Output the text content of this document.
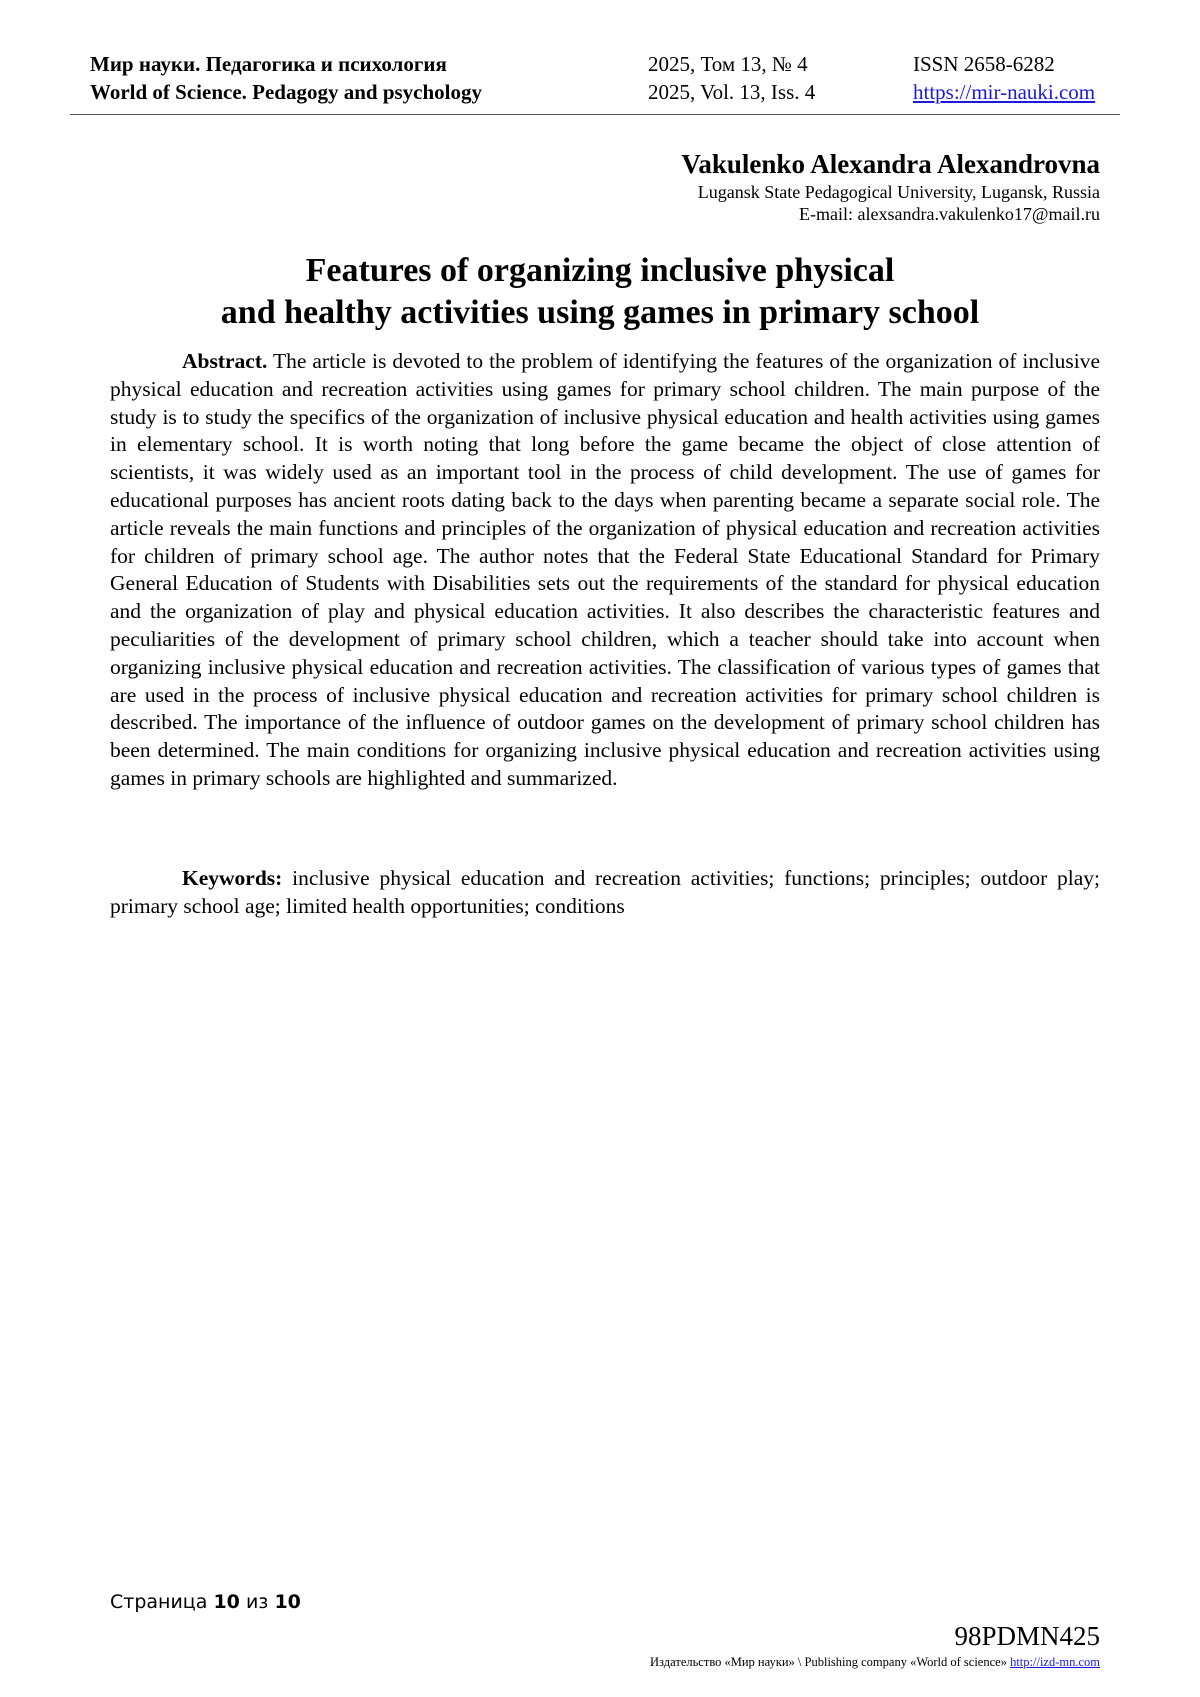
Мир науки. Педагогика и психология
World of Science. Pedagogy and psychology
2025, Том 13, № 4
2025, Vol. 13, Iss. 4
ISSN 2658-6282
https://mir-nauki.com
Vakulenko Alexandra Alexandrovna
Lugansk State Pedagogical University, Lugansk, Russia
E-mail: alexsandra.vakulenko17@mail.ru
Features of organizing inclusive physical
and healthy activities using games in primary school

Abstract. The article is devoted to the problem of identifying the features of the organization of inclusive physical education and recreation activities using games for primary school children. The main purpose of the study is to study the specifics of the organization of inclusive physical education and health activities using games in elementary school. It is worth noting that long before the game became the object of close attention of scientists, it was widely used as an important tool in the process of child development. The use of games for educational purposes has ancient roots dating back to the days when parenting became a separate social role. The article reveals the main functions and principles of the organization of physical education and recreation activities for children of primary school age. The author notes that the Federal State Educational Standard for Primary General Education of Students with Disabilities sets out the requirements of the standard for physical education and the organization of play and physical education activities. It also describes the characteristic features and peculiarities of the development of primary school children, which a teacher should take into account when organizing inclusive physical education and recreation activities. The classification of various types of games that are used in the process of inclusive physical education and recreation activities for primary school children is described. The importance of the influence of outdoor games on the development of primary school children has been determined. The main conditions for organizing inclusive physical education and recreation activities using games in primary schools are highlighted and summarized.

Keywords: inclusive physical education and recreation activities; functions; principles; outdoor play; primary school age; limited health opportunities; conditions

Страница 10 из 10
98PDMN425
Издательство «Мир науки» \ Publishing company «World of science» http://izd-mn.com
